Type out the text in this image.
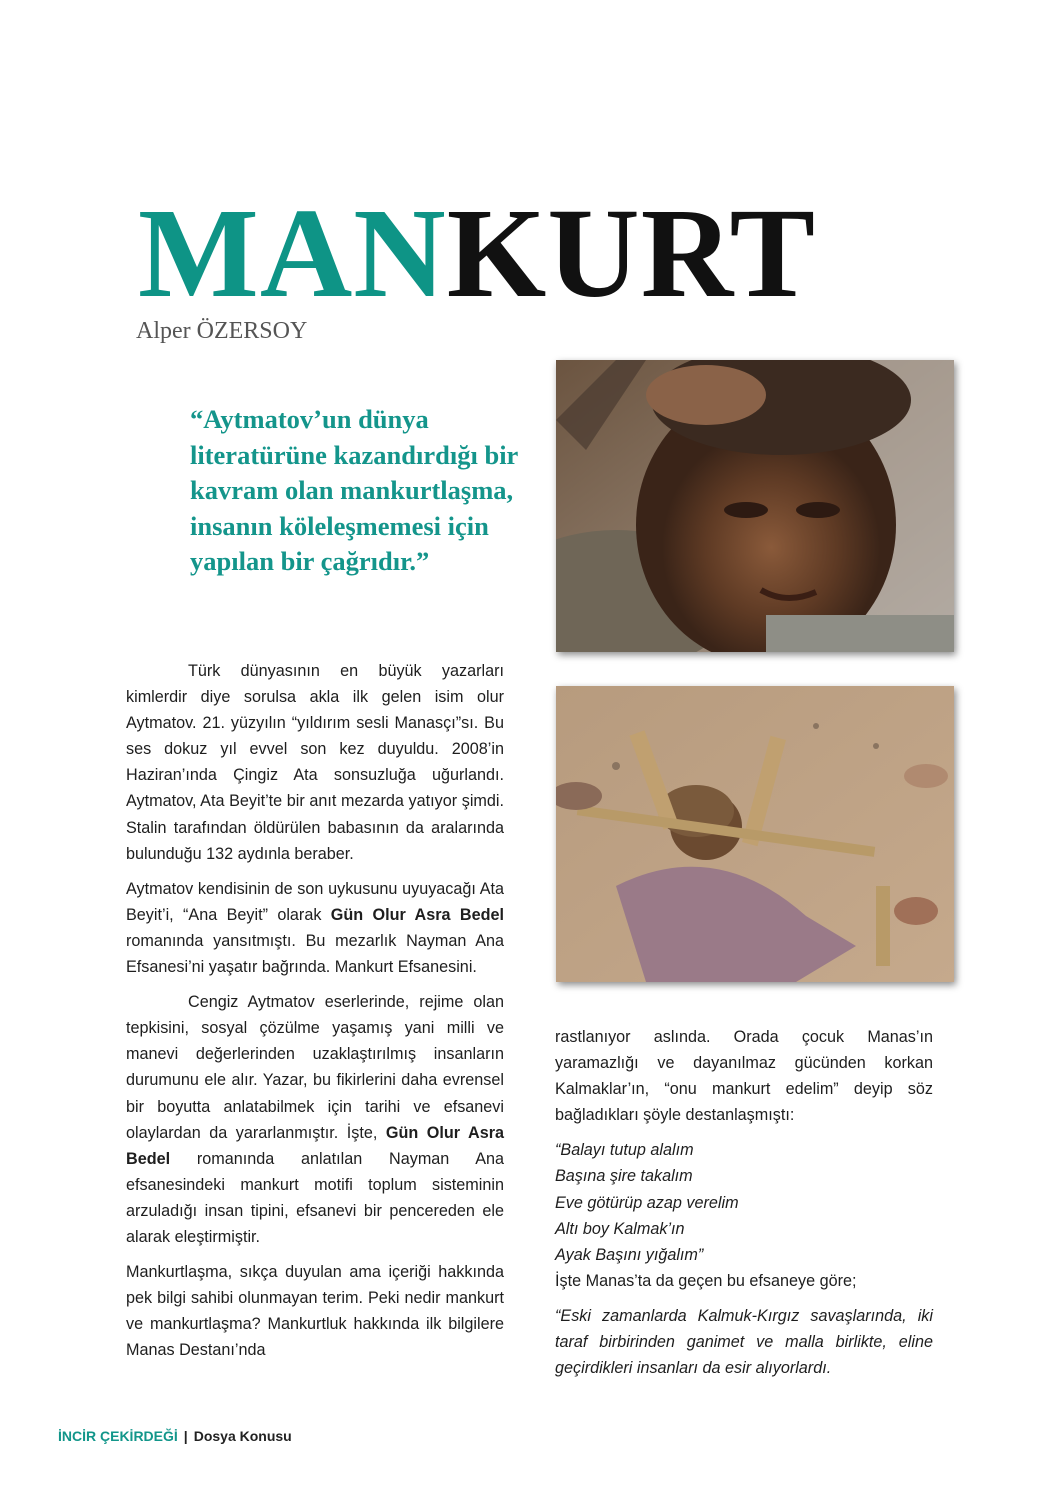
MANKURT
Alper ÖZERSOY

“Aytmatov’un dünya literatürüne kazandırdığı bir kavram olan mankurtlaşma, insanın köleleşmemesi için yapılan bir çağrıdır.”

Türk dünyasının en büyük yazarları kimlerdir diye sorulsa akla ilk gelen isim olur Aytmatov. 21. yüzyılın “yıldırım sesli Manasçı”sı. Bu ses dokuz yıl evvel son kez duyuldu. 2008’in Haziran’ında Çingiz Ata sonsuzluğa uğurlandı. Aytmatov, Ata Beyit’te bir anıt mezarda yatıyor şimdi. Stalin tarafından öldürülen babasının da aralarında bulunduğu 132 aydınla beraber.

Aytmatov kendisinin de son uykusunu uyuyacağı Ata Beyit’i, “Ana Beyit” olarak Gün Olur Asra Bedel romanında yansıtmıştı. Bu mezarlık Nayman Ana Efsanesi’ni yaşatır bağrında. Mankurt Efsanesini.

Cengiz Aytmatov eserlerinde, rejime olan tepkisini, sosyal çözülme yaşamış yani milli ve manevi değerlerinden uzaklaştırılmış insanların durumunu ele alır. Yazar, bu fikirlerini daha evrensel bir boyutta anlatabilmek için tarihi ve efsanevi olaylardan da yararlanmıştır. İşte, Gün Olur Asra Bedel romanında anlatılan Nayman Ana efsanesindeki mankurt motifi toplum sisteminin arzuladığı insan tipini, efsanevi bir pencereden ele alarak eleştirmiştir.

Mankurtlaşma, sıkça duyulan ama içeriği hakkında pek bilgi sahibi olunmayan terim. Peki nedir mankurt ve mankurtlaşma? Mankurtluk hakkında ilk bilgilere Manas Destanı’nda

rastlanıyor aslında. Orada çocuk Manas’ın yaramazlığı ve dayanılmaz gücünden korkan Kalmaklar’ın, “onu mankurt edelim” deyip söz bağladıkları şöyle destanlaşmıştı:

“Balayı tutup alalım

Başına şire takalım

Eve götürüp azap verelim

Altı boy Kalmak’ın

Ayak Başını yığalım”

İşte Manas’ta da geçen bu efsaneye göre;

“Eski zamanlarda Kalmuk-Kırgız savaşlarında, iki taraf birbirinden ganimet ve malla birlikte, eline geçirdikleri insanları da esir alıyorlardı.

İNCİR ÇEKİRDEĞİ | Dosya Konusu
